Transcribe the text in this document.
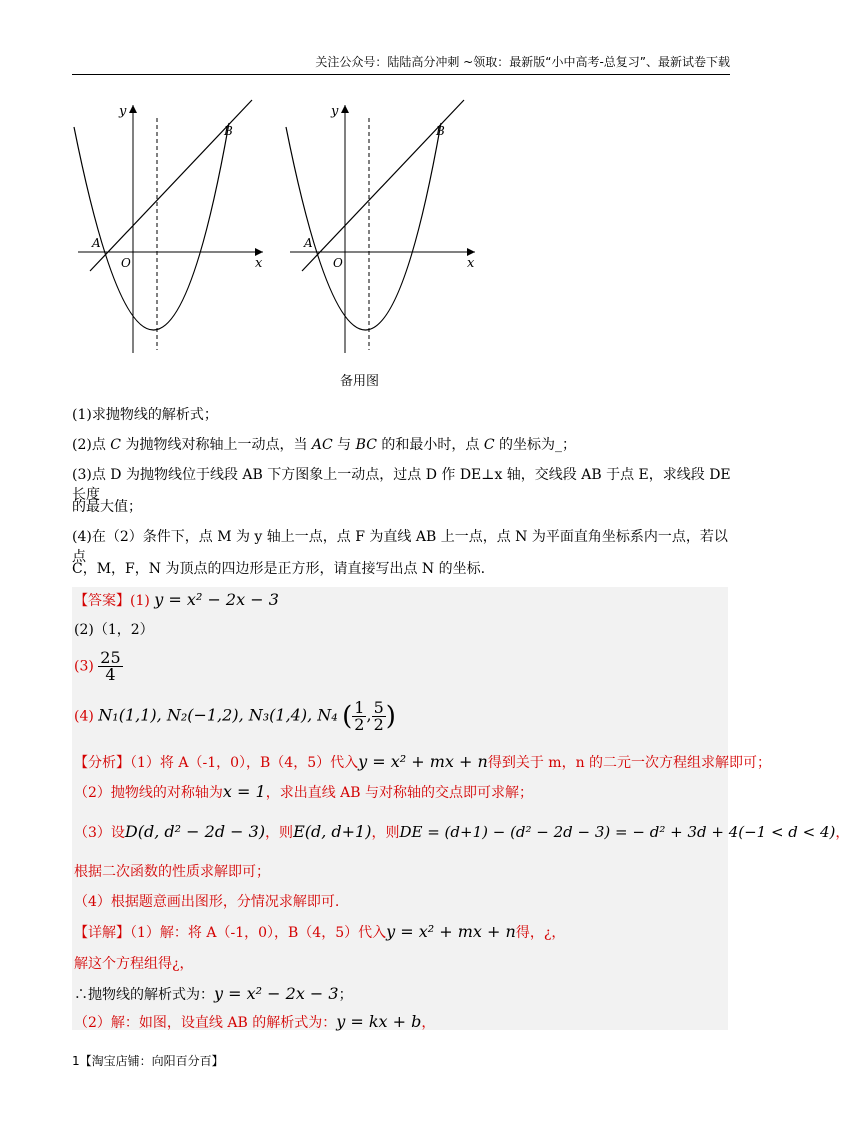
关注公众号：陆陆高分冲刺 ~领取：最新版“小中高考-总复习”、最新试卷下载
y
x
O
A
B
y
x
O
A
B
备用图
(1)求抛物线的解析式；
(2)点 C 为抛物线对称轴上一动点，当 AC 与 BC 的和最小时，点 C 的坐标为_；
(3)点 D 为抛物线位于线段 AB 下方图象上一动点，过点 D 作 DE⊥x 轴，交线段 AB 于点 E，求线段 DE 长度
的最大值；
(4)在（2）条件下，点 M 为 y 轴上一点，点 F 为直线 AB 上一点，点 N 为平面直角坐标系内一点，若以点
C，M，F，N 为顶点的四边形是正方形，请直接写出点 N 的坐标.
【答案】(1) y = x² − 2x − 3
(2)（1，2）
$(3) \frac{25}{4}$
(4) N₁(1,1), N₂(−1,2), N₃(1,4), N₄ ( $\frac{1}{2}$ , $\frac{5}{2}$ )
【分析】（1）将 A（-1，0），B（4，5）代入y = x² + mx + n得到关于 m，n 的二元一次方程组求解即可；
（2）抛物线的对称轴为x = 1，求出直线 AB 与对称轴的交点即可求解；
（3）设D(d, d² − 2d − 3)，则E(d, d+1)，则DE = (d+1) − (d² − 2d − 3) = − d² + 3d + 4(−1 < d < 4)，
根据二次函数的性质求解即可；
（4）根据题意画出图形，分情况求解即可.
【详解】（1）解：将 A（-1，0），B（4，5）代入y = x² + mx + n得，¿，
解这个方程组得¿，
∴抛物线的解析式为：y = x² − 2x − 3；
（2）解：如图，设直线 AB 的解析式为：y = kx + b，
1【淘宝店铺：向阳百分百】
